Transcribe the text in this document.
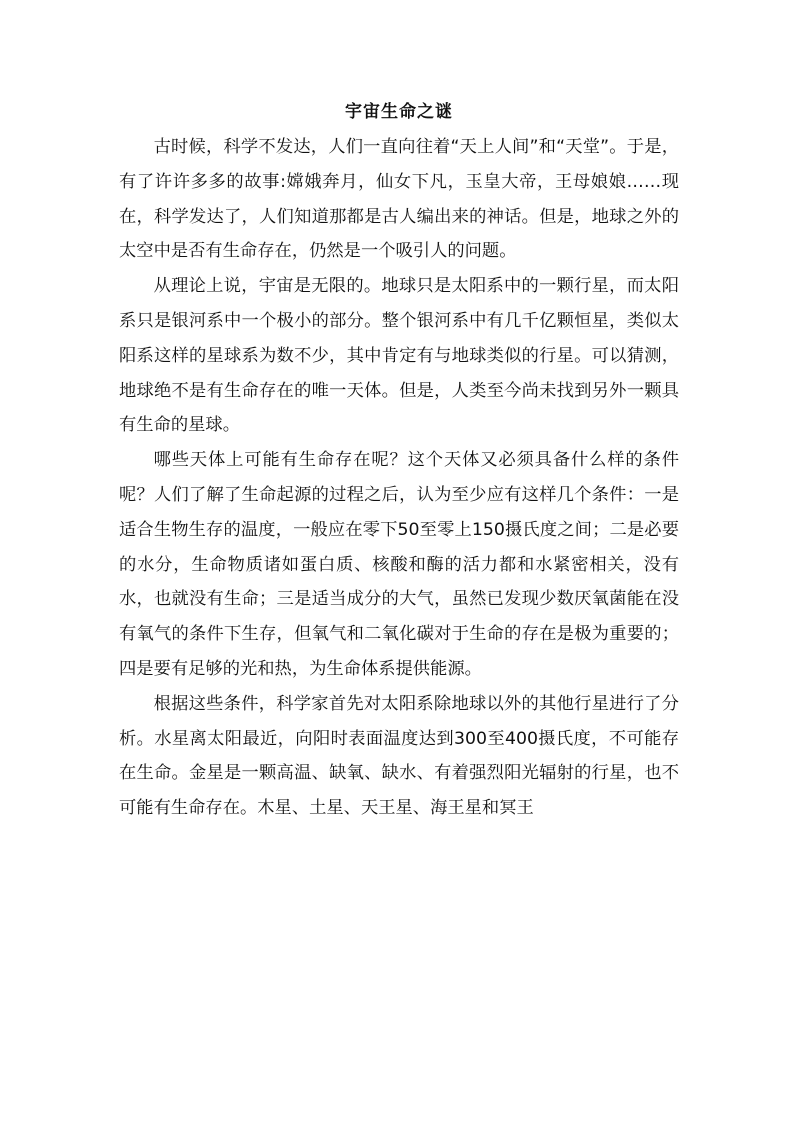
宇宙生命之谜

古时候，科学不发达，人们一直向往着“天上人间”和“天堂”。于是，有了许许多多的故事:嫦娥奔月，仙女下凡，玉皇大帝，王母娘娘……现在，科学发达了，人们知道那都是古人编出来的神话。但是，地球之外的太空中是否有生命存在，仍然是一个吸引人的问题。

从理论上说，宇宙是无限的。地球只是太阳系中的一颗行星，而太阳系只是银河系中一个极小的部分。整个银河系中有几千亿颗恒星，类似太阳系这样的星球系为数不少，其中肯定有与地球类似的行星。可以猜测，地球绝不是有生命存在的唯一天体。但是，人类至今尚未找到另外一颗具有生命的星球。

哪些天体上可能有生命存在呢？这个天体又必须具备什么样的条件呢？人们了解了生命起源的过程之后，认为至少应有这样几个条件：一是适合生物生存的温度，一般应在零下50至零上150摄氏度之间；二是必要的水分，生命物质诸如蛋白质、核酸和酶的活力都和水紧密相关，没有水，也就没有生命；三是适当成分的大气，虽然已发现少数厌氧菌能在没有氧气的条件下生存，但氧气和二氧化碳对于生命的存在是极为重要的；四是要有足够的光和热，为生命体系提供能源。

根据这些条件，科学家首先对太阳系除地球以外的其他行星进行了分析。水星离太阳最近，向阳时表面温度达到300至400摄氏度，不可能存在生命。金星是一颗高温、缺氧、缺水、有着强烈阳光辐射的行星，也不可能有生命存在。木星、土星、天王星、海王星和冥王
